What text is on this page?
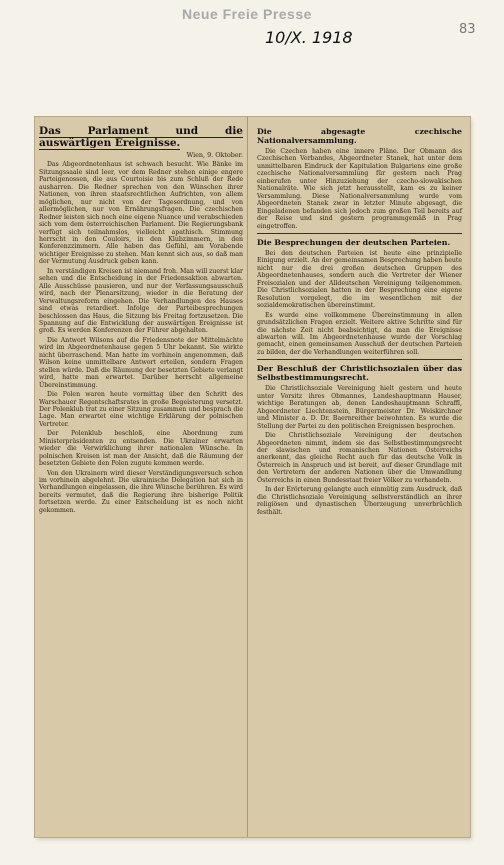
Neue Freie Presse
10/X. 1918	83
Das Parlament und die auswärtigen Ereignisse.
Wien, 9. Oktober.
Das Abgeordnetenhaus ist schwach besucht. Wie Bänke im Sitzungssaale sind leer, vor dem Redner stehen einige engere Parteigenossen, die aus Courtoisie bis zum Schluß der Rede ausharren. Die Redner sprechen von den Wünschen ihrer Nationen, von ihren staatsrechtlichen Aufrichten, von allem möglichen, nur nicht von der Tagesordnung, und von allermöglichen, nur von Ernährungsfragen. Die czechischen Redner leisten sich noch eine eigene Nuance und verabschieden sich vom dem österreichischen Parlament. Die Regierungsbank verfügt sich teilnahmslos, vielleicht apathisch. Stimmung herrscht in den Couloirs, in den Klubzimmern, in den Konferenzzimmern. Alle haben das Gefühl, am Vorabende wichtiger Ereignisse zu stehen. Man kennt sich aus, so daß man der Vermutung Ausdruck geben kann.
In verständigen Kreisen ist niemand froh. Man will zuerst klar sehen und die Entscheidung in der Friedensaktion abwarten. Alle Ausschüsse pausieren, und nur der Verfassungsausschuß wird, nach der Plenarsitzung, wieder in die Beratung der Verwaltungsreform eingehen. Die Verhandlungen des Hauses sind etwas retardiert. Infolge der Parteibesprechungen beschlossen das Haus, die Sitzung bis Freitag fortzusetzen. Die Spannung auf die Entwicklung der auswärtigen Ereignisse ist groß. Es werden Konferenzen der Führer abgehalten.
Die Antwort Wilsons auf die Friedensnote der Mittelmächte wird im Abgeordnetenhause gegen 5 Uhr bekannt. Sie wirkte nicht überraschend. Man hatte im vorhinein angenommen, daß Wilson keine unmittelbare Antwort erteilen, sondern Fragen stellen würde. Daß die Räumung der besetzten Gebiete verlangt wird, hatte man erwartet. Darüber herrscht allgemeine Übereinstimmung.
Die Polen waren heute vormittag über den Schritt des Warschauer Regentschaftsrates in große Begeisterung versetzt. Der Polenklub trat zu einer Sitzung zusammen und besprach die Lage. Man erwartet eine wichtige Erklärung der polnischen Vertreter.
Der Polenklub beschloß, eine Abordnung zum Ministerpräsidenten zu entsenden. Die Ukrainer erwarten wieder die Verwirklichung ihrer nationalen Wünsche. In polnischen Kreisen ist man der Ansicht, daß die Räumung der besetzten Gebiete den Polen zugute kommen werde.
Von den Ukrainern wird dieser Verständigungsversuch schon im vorhinein abgelehnt. Die ukrainische Delegation hat sich in Verhandlungen eingelassen, die ihre Wünsche berühren. Es wird bereits vermutet, daß die Regierung ihre bisherige Politik fortsetzen werde. Zu einer Entscheidung ist es noch nicht gekommen.
Die abgesagte czechische Nationalversammlung.
Die Czechen haben eine innere Pläne. Der Obmann des Czechischen Verbandes, Abgeordneter Stanek, hat unter dem unmittelbaren Eindruck der Kapitulation Bulgariens eine große czechische Nationalversammlung für gestern nach Prag einberufen unter Hinzuziehung der czecho-slowakischen Nationalräte. Wie sich jetzt herausstellt, kam es zu keiner Versammlung. Diese Nationalversammlung wurde vom Abgeordneten Stanek zwar in letzter Minute abgesagt, die Eingeladenen befanden sich jedoch zum großen Teil bereits auf der Reise und sind gestern programmgemäß in Prag eingetroffen.
Die Besprechungen der deutschen Parteien.
Bei den deutschen Parteien ist heute eine prinzipielle Einigung erzielt. An der gemeinsamen Besprechung haben heute nicht nur die drei großen deutschen Gruppen des Abgeordnetenhauses, sondern auch die Vertreter der Wiener Freisozialen und der Alldeutschen Vereinigung teilgenommen. Die Christlichsozialen hatten in der Besprechung eine eigene Resolution vorgelegt, die im wesentlichen mit der sozialdemokratischen übereinstimmt.
Es wurde eine vollkommene Übereinstimmung in allen grundsätzlichen Fragen erzielt. Weitere aktive Schritte sind für die nächste Zeit nicht beabsichtigt, da man die Ereignisse abwarten will. Im Abgeordnetenhause wurde der Vorschlag gemacht, einen gemeinsamen Ausschuß der deutschen Parteien zu bilden, der die Verhandlungen weiterführen soll.
Der Beschluß der Christlichsozialen über das Selbstbestimmungsrecht.
Die Christlichsoziale Vereinigung hielt gestern und heute unter Vorsitz ihres Obmannes, Landeshauptmann Hauser, wichtige Beratungen ab, denen Landeshauptmann Schraffl, Abgeordneter Liechtenstein, Bürgermeister Dr. Weiskirchner und Minister a. D. Dr. Baernreither beiwohnten. Es wurde die Stellung der Partei zu den politischen Ereignissen besprochen.
Die Christlichsoziale Vereinigung der deutschen Abgeordneten nimmt, indem sie das Selbstbestimmungsrecht der slawischen und romanischen Nationen Österreichs anerkennt, das gleiche Recht auch für das deutsche Volk in Österreich in Anspruch und ist bereit, auf dieser Grundlage mit den Vertretern der anderen Nationen über die Umwandlung Österreichs in einen Bundesstaat freier Völker zu verhandeln.
In der Erörterung gelangte auch einmütig zum Ausdruck, daß die Christlichsoziale Vereinigung selbstverständlich an ihrer religiösen und dynastischen Überzeugung unverbrüchlich festhält.
